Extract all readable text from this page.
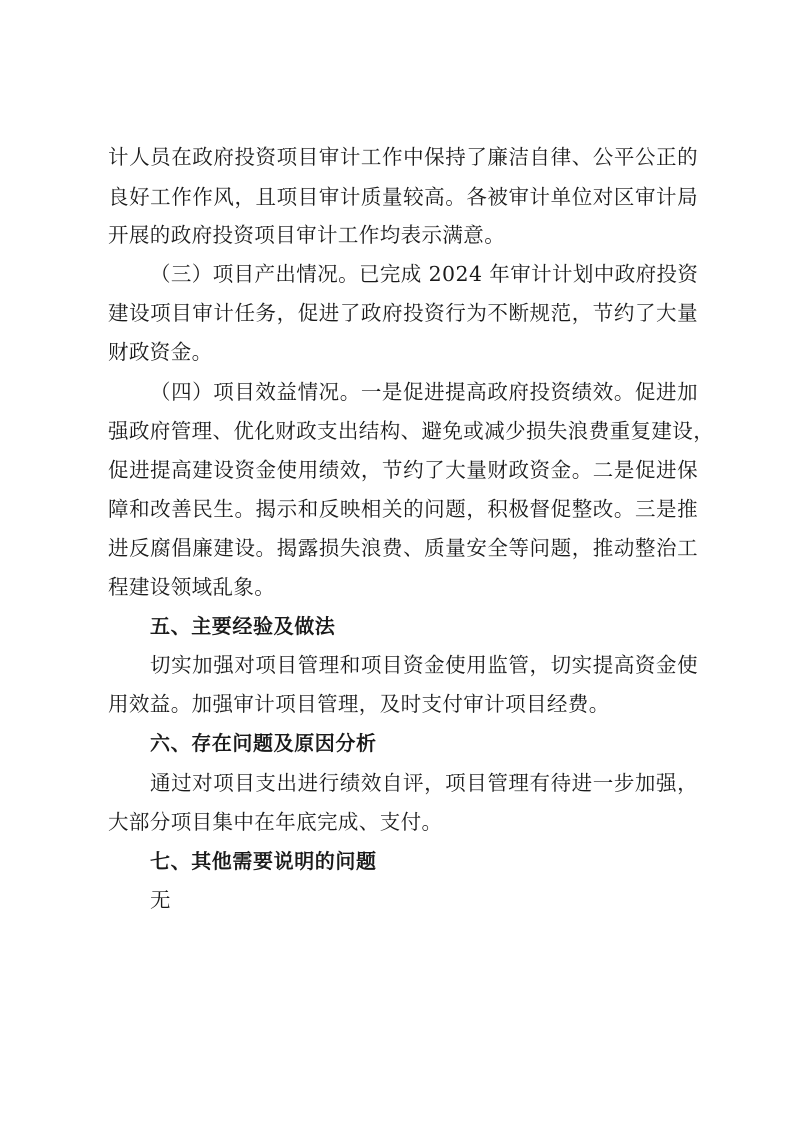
计人员在政府投资项目审计工作中保持了廉洁自律、公平公正的
良好工作作风，且项目审计质量较高。各被审计单位对区审计局
开展的政府投资项目审计工作均表示满意。
（三）项目产出情况。已完成 2024 年审计计划中政府投资
建设项目审计任务，促进了政府投资行为不断规范，节约了大量
财政资金。
（四）项目效益情况。一是促进提高政府投资绩效。促进加
强政府管理、优化财政支出结构、避免或减少损失浪费重复建设，
促进提高建设资金使用绩效，节约了大量财政资金。二是促进保
障和改善民生。揭示和反映相关的问题，积极督促整改。三是推
进反腐倡廉建设。揭露损失浪费、质量安全等问题，推动整治工
程建设领域乱象。
五、主要经验及做法
切实加强对项目管理和项目资金使用监管，切实提高资金使
用效益。加强审计项目管理，及时支付审计项目经费。
六、存在问题及原因分析
通过对项目支出进行绩效自评，项目管理有待进一步加强，
大部分项目集中在年底完成、支付。
七、其他需要说明的问题
无
